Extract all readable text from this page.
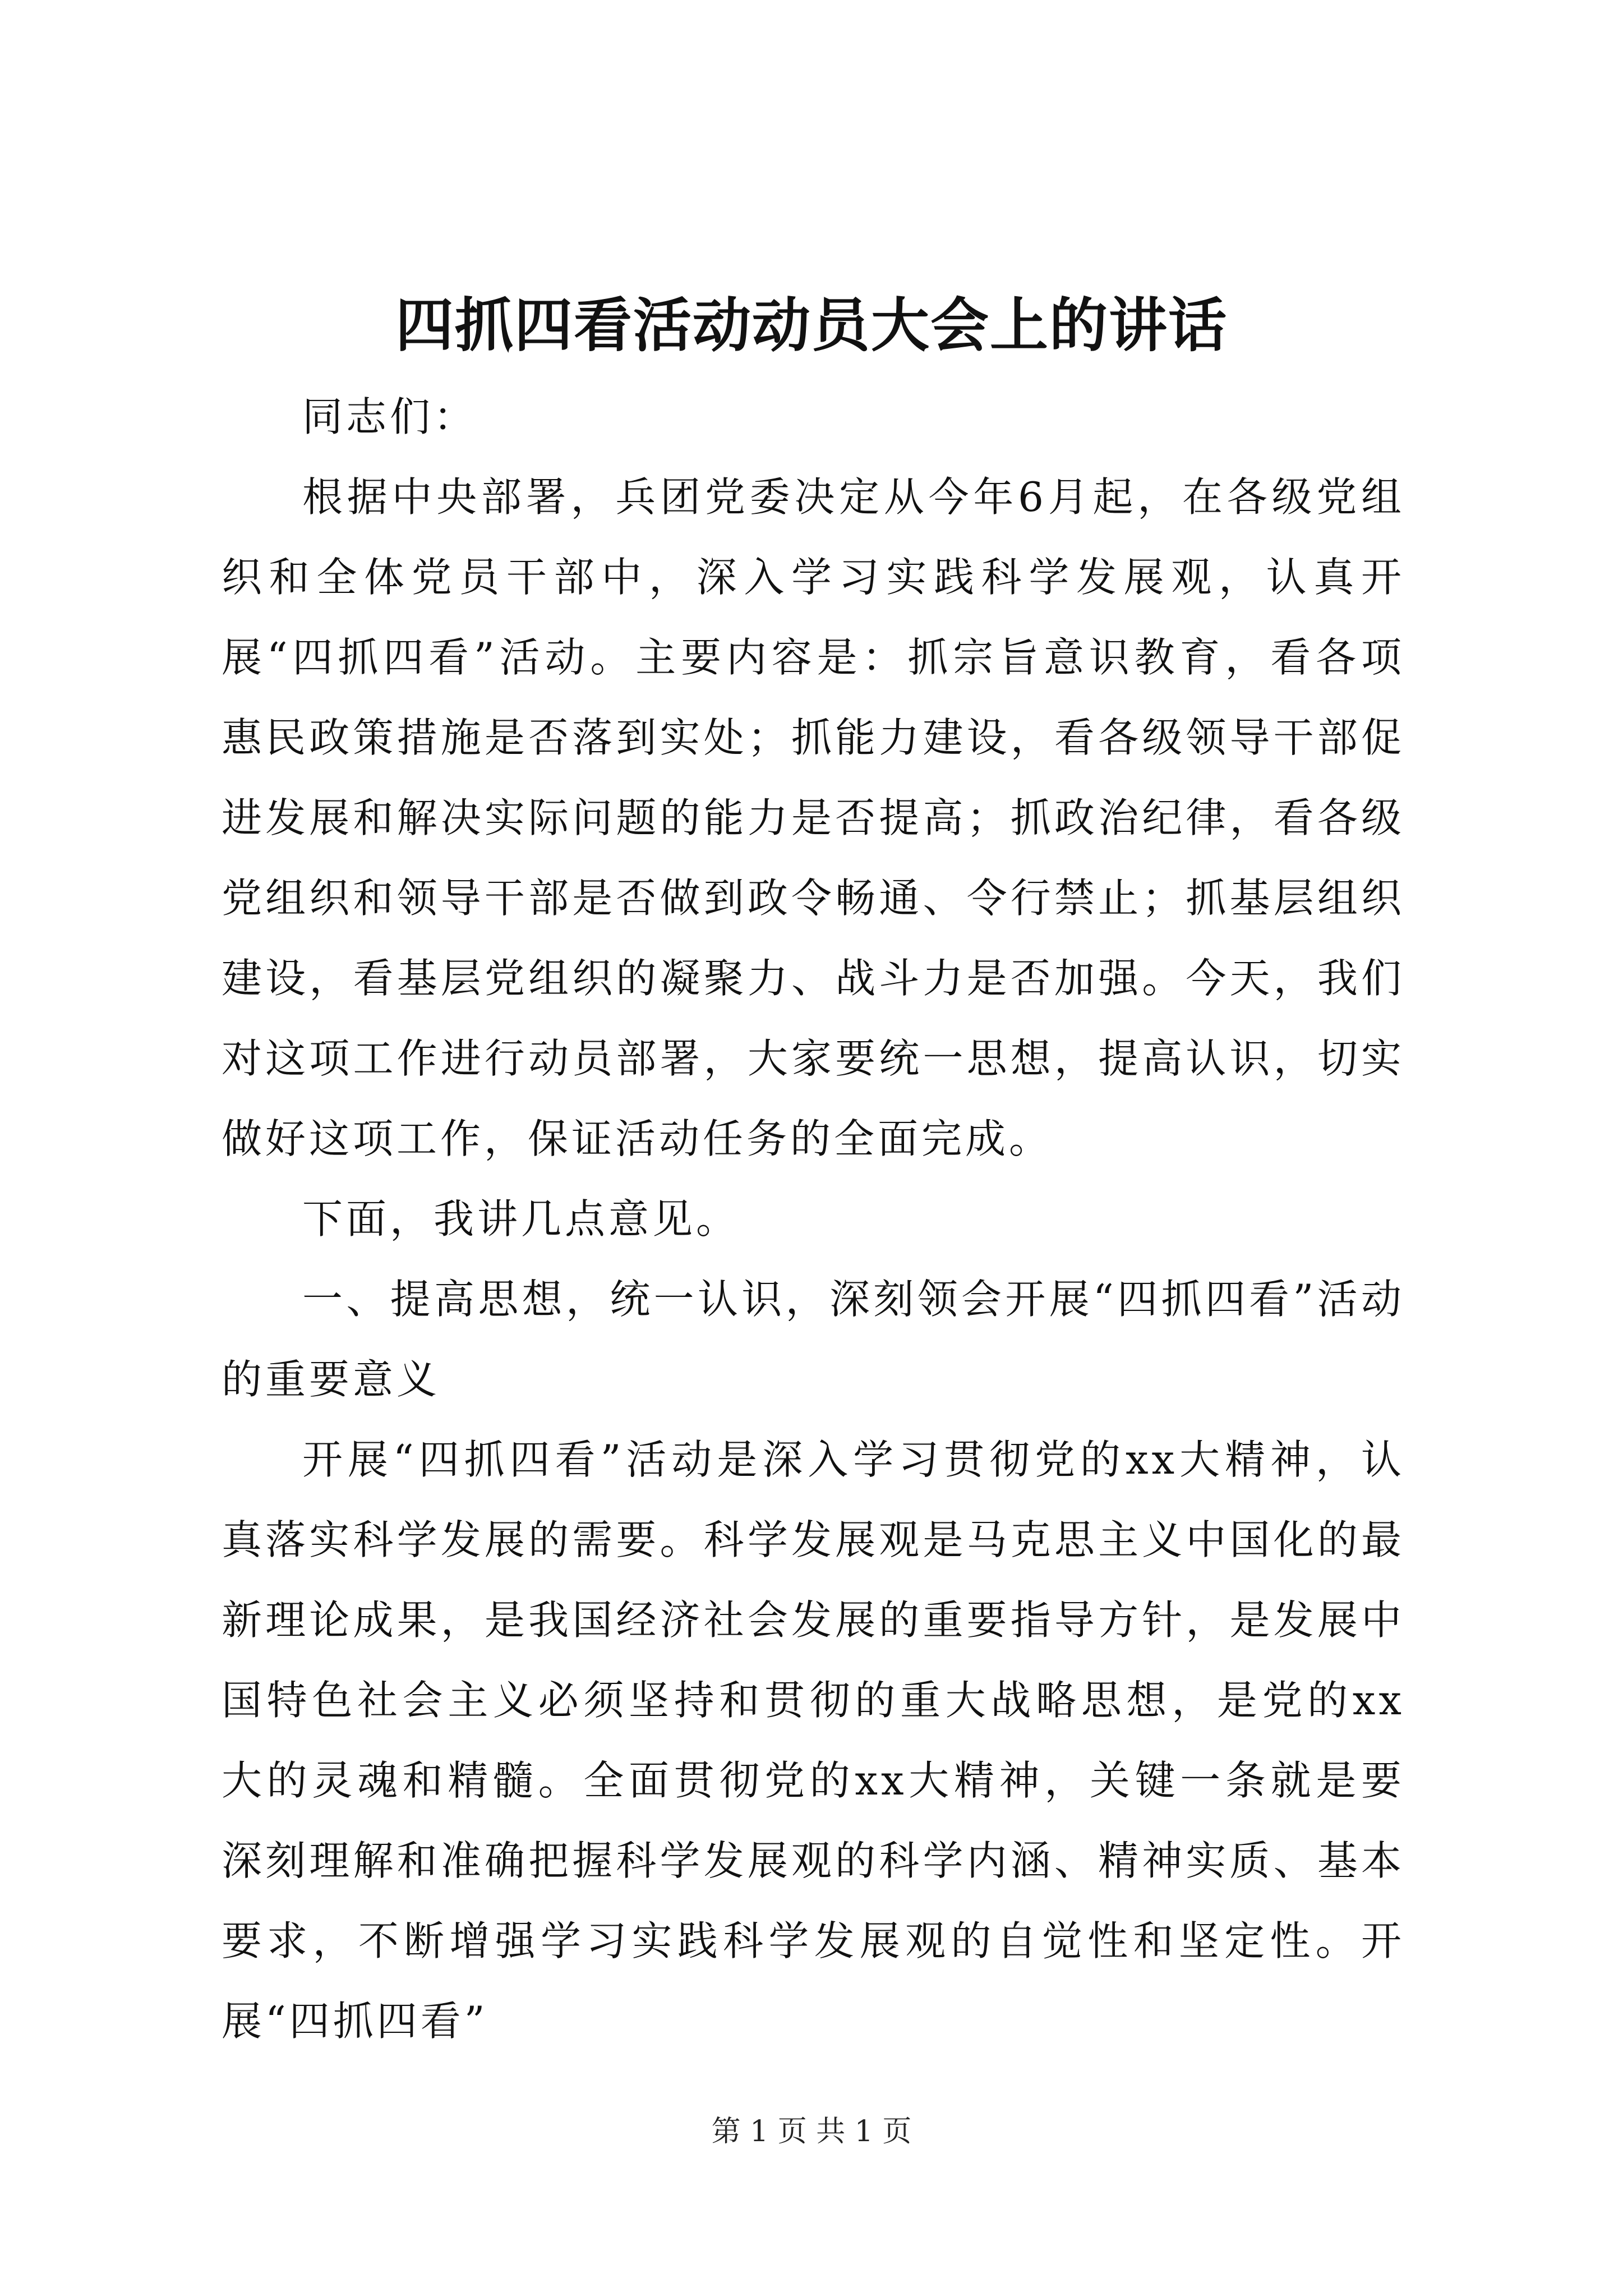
四抓四看活动动员大会上的讲话

同志们：

根据中央部署，兵团党委决定从今年6月起，在各级党组织和全体党员干部中，深入学习实践科学发展观，认真开展“四抓四看”活动。主要内容是：抓宗旨意识教育，看各项惠民政策措施是否落到实处；抓能力建设，看各级领导干部促进发展和解决实际问题的能力是否提高；抓政治纪律，看各级党组织和领导干部是否做到政令畅通、令行禁止；抓基层组织建设，看基层党组织的凝聚力、战斗力是否加强。今天，我们对这项工作进行动员部署，大家要统一思想，提高认识，切实做好这项工作，保证活动任务的全面完成。

下面，我讲几点意见。

一、提高思想，统一认识，深刻领会开展“四抓四看”活动的重要意义

开展“四抓四看”活动是深入学习贯彻党的xx大精神，认真落实科学发展的需要。科学发展观是马克思主义中国化的最新理论成果，是我国经济社会发展的重要指导方针，是发展中国特色社会主义必须坚持和贯彻的重大战略思想，是党的xx大的灵魂和精髓。全面贯彻党的xx大精神，关键一条就是要深刻理解和准确把握科学发展观的科学内涵、精神实质、基本要求，不断增强学习实践科学发展观的自觉性和坚定性。开展“四抓四看”

第 1 页 共 1 页
